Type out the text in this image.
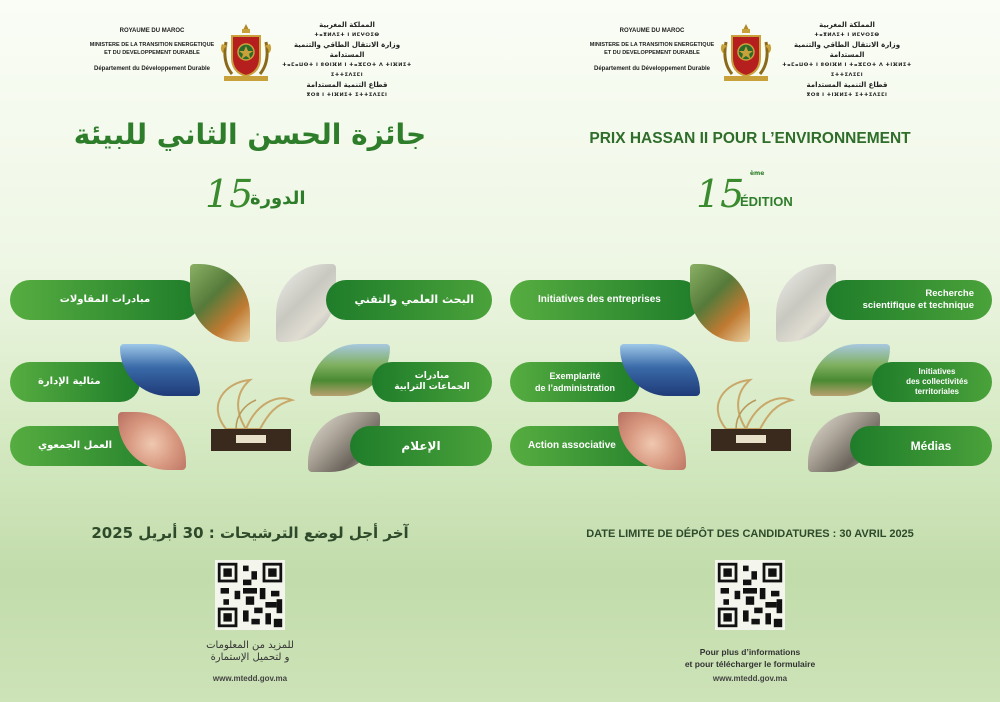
ROYAUME DU MAROC
MINISTERE DE LA TRANSITION ENERGETIQUE
ET DU DEVELOPPEMENT DURABLE
Département du Développement Durable
المملكة المغربية
ⵜⴰⴳⵍⴷⵉⵜ ⵏ ⵍⵎⵖⵔⵉⴱ
وزارة الانتقال الطاقي والتنمية المستدامة
ⵜⴰⵎⴰⵡⵙⵜ ⵏ ⵓⵙⵏⴼⵍ ⵏ ⵜⴰⵣⵎⵔⵜ ⴷ ⵜⵏⴼⵍⵉⵜ ⵉⵜⵜⵉⴷⵉⵎⵏ
قطاع التنمية المستدامة
ⴳⵔⵓ ⵏ ⵜⵏⴼⵍⵉⵜ ⵉⵜⵜⵉⴷⵉⵎⵏ
جائزة الحسن الثاني للبيئة
15
الدورة
مبادرات المقاولات	البحث العلمي والتقني
مثالية الإدارة	مبادرات
الجماعات الترابية
العمل الجمعوي	الإعلام
آخر أجل لوضع الترشيحات : 30 أبريل 2025
للمزيد من المعلومات
و لتحميل الإستمارة
www.mtedd.gov.ma
ROYAUME DU MAROC
MINISTERE DE LA TRANSITION ENERGETIQUE
ET DU DEVELOPPEMENT DURABLE
Département du Développement Durable
المملكة المغربية
ⵜⴰⴳⵍⴷⵉⵜ ⵏ ⵍⵎⵖⵔⵉⴱ
وزارة الانتقال الطاقي والتنمية المستدامة
ⵜⴰⵎⴰⵡⵙⵜ ⵏ ⵓⵙⵏⴼⵍ ⵏ ⵜⴰⵣⵎⵔⵜ ⴷ ⵜⵏⴼⵍⵉⵜ ⵉⵜⵜⵉⴷⵉⵎⵏ
قطاع التنمية المستدامة
ⴳⵔⵓ ⵏ ⵜⵏⴼⵍⵉⵜ ⵉⵜⵜⵉⴷⵉⵎⵏ
PRIX HASSAN II POUR L’ENVIRONNEMENT
15 $^{ème}$
ÉDITION
Initiatives des entreprises
Recherche
scientifique et technique
Exemplarité
de l’administration
Initiatives
des collectivités territoriales
Action associative	Médias
DATE LIMITE DE DÉPÔT DES CANDIDATURES : 30 AVRIL 2025
Pour plus d’informations
et pour télécharger le formulaire
www.mtedd.gov.ma
